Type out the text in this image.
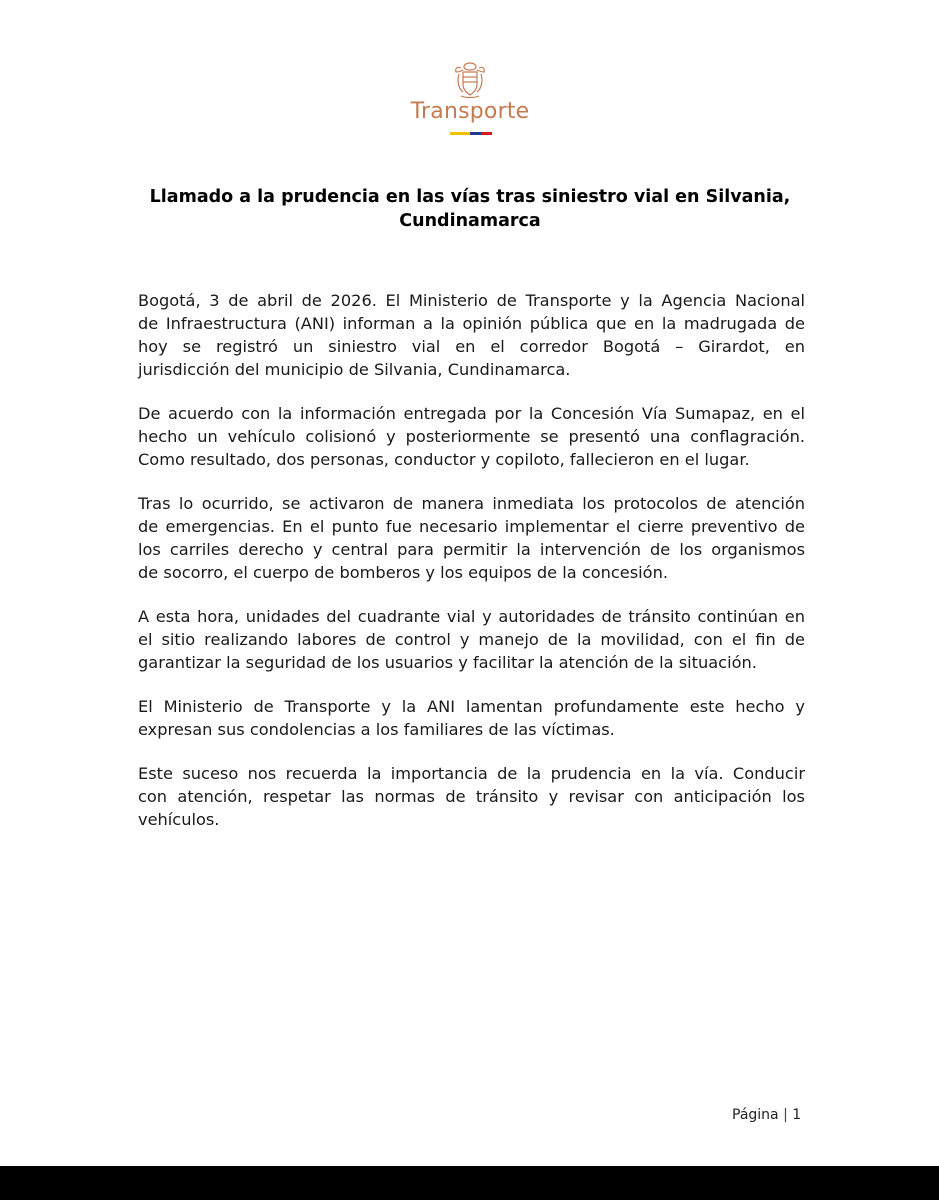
Transporte
Llamado a la prudencia en las vías tras siniestro vial en Silvania,
Cundinamarca
Bogotá, 3 de abril de 2026. El Ministerio de Transporte y la Agencia Nacional
de Infraestructura (ANI) informan a la opinión pública que en la madrugada de
hoy se registró un siniestro vial en el corredor Bogotá – Girardot, en
jurisdicción del municipio de Silvania, Cundinamarca.
De acuerdo con la información entregada por la Concesión Vía Sumapaz, en el
hecho un vehículo colisionó y posteriormente se presentó una conflagración.
Como resultado, dos personas, conductor y copiloto, fallecieron en el lugar.
Tras lo ocurrido, se activaron de manera inmediata los protocolos de atención
de emergencias. En el punto fue necesario implementar el cierre preventivo de
los carriles derecho y central para permitir la intervención de los organismos
de socorro, el cuerpo de bomberos y los equipos de la concesión.
A esta hora, unidades del cuadrante vial y autoridades de tránsito continúan en
el sitio realizando labores de control y manejo de la movilidad, con el fin de
garantizar la seguridad de los usuarios y facilitar la atención de la situación.
El Ministerio de Transporte y la ANI lamentan profundamente este hecho y
expresan sus condolencias a los familiares de las víctimas.
Este suceso nos recuerda la importancia de la prudencia en la vía. Conducir
con atención, respetar las normas de tránsito y revisar con anticipación los
vehículos.
Página | 1
